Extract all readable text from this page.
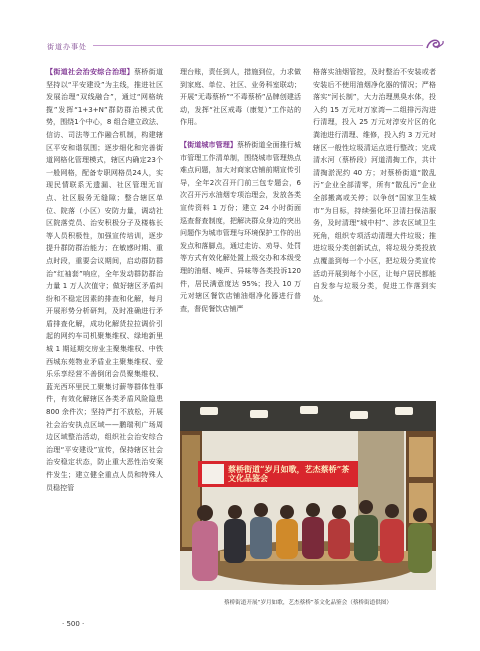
街道办事处
【街道社会治安综合治理】蔡桥街道坚持以“平安建设”为主线，推进社区发展治理“双线融合”，通过“网格统揽”发挥“1+3+N”群防群治模式优势，围绕1个中心，8 组合建立政法、信访、司法等工作融合机制，构建辖区平安和谐氛围；逐步细化和完善街道网格化管理模式，辖区内确定23个一般网格，配备专职网格员24人，实现民情联系无遗漏、社区管理无盲点、社区服务无缝隙；整合辖区单位、院落（小区）安防力量，调动社区院落党员、治安积极分子及楼栋长等人员积极性，加强宣传培训，逐步提升群防群治能力；在敏感时期、重点时段，重要会议期间，启动群防群治“红袖套”响应，全年发动群防群治力量 1 万人次值守；做好辖区矛盾纠纷和不稳定因素的排查和化解，每月开展形势分析研判，及时准确进行矛盾排查化解，成功化解货拉拉调价引起的网约车司机聚集维权、绿地新里城 1 期延期交房业主聚集维权、中铁西城东苑物业矛盾业主聚集维权、爱乐乐享经营不善倒闭会员聚集维权、蓝光西环里民工聚集讨薪等群体性事件，有效化解辖区各类矛盾风险隐患 800 余件次；坚持严打不放松，开展社会治安执点区域——鹏瑞利广场周边区域整治活动，组织社会治安综合治理“平安建设”宣传，保持辖区社会治安稳定状态，防止重大恶性治安案件发生；建立健全重点人员和特殊人员稳控管
理台账，责任到人，措施到位，力求做到家庭、单位、社区、业务科室联动；开展“无毒蔡桥”“不毒蔡桥”品牌创建活动，发挥“社区戒毒（康复）”工作站的作用。
【街道城市管理】蔡桥街道全面推行城市管理工作清单制，围绕城市管理热点难点问题，加大对商家店铺前期宣传引导，全年2次召开门前三包专题会，6 次召开污水油烟专项治理会，发放各类宣传资料 1 万份；建立 24 小时街面巡查督查制度，把解决群众身边的突出问题作为城市管理与环境保护工作的出发点和落脚点，通过走访、劝导、处罚等方式有效化解处置上级交办和本级受理的油烟、噪声、异味等各类投诉120件，居民满意度达 95%；投入 10 万元对辖区餐饮店铺油烟净化器进行普查，督促餐饮店铺严
格落实油烟管控，及时整治不安装或者安装后不使用油烟净化器的情况；严格落实“河长制”，大力治理黑臭水体，投入约 15 万元对万家湾—二组排污沟进行清理，投入 25 万元对淳安片区的化粪池进行清理、维修，投入约 3 万元对辖区一般性垃圾清运点进行整改；完成清水河（蔡桥段）河道清掏工作，共计清掏淤泥约 40 方；对蔡桥街道“散乱污”企业全部清零，所有“散乱污”企业全部搬离或关停；以争创“国家卫生城市”为目标，持续强化环卫清扫保洁服务，及时清理“城中村”、涉农区域卫生死角，组织专项活动清理大件垃圾；推进垃圾分类创新试点，将垃圾分类投放点覆盖到每一个小区，把垃圾分类宣传活动开展到每个小区，让每户居民都能自发参与垃圾分类，促进工作落到实处。
蔡桥街道“岁月如歌，艺杰蔡桥”茶文化品鉴会
蔡桥街道开展“岁月如歌，艺杰蔡桥”茶文化品鉴会（蔡桥街道供图）
· 500 ·
